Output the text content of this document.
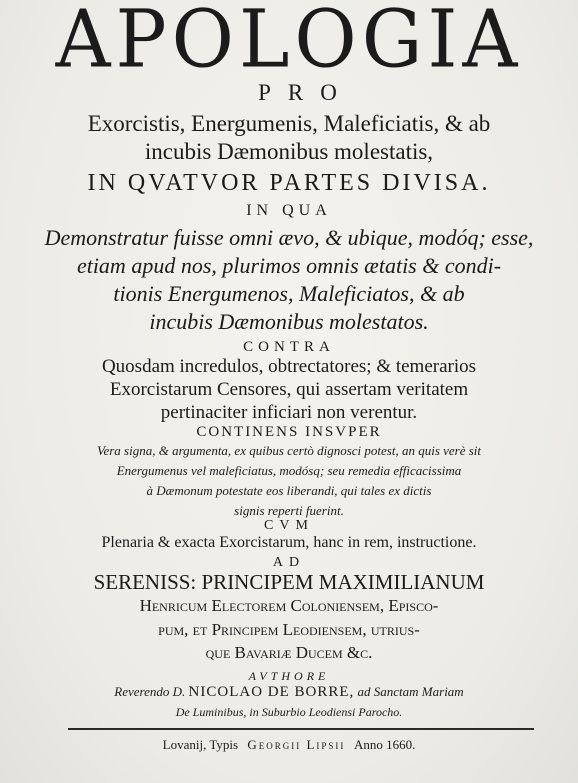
APOLOGIA
PRO
Exorcistis, Energumenis, Maleficiatis, & ab
incubis Dæmonibus molestatis,
IN QVATVOR PARTES DIVISA.
IN QUA
Demonstratur fuisse omni ævo, & ubique, modóq; esse,
etiam apud nos, plurimos omnis ætatis & condi-
tionis Energumenos, Maleficiatos, & ab
incubis Dæmonibus molestatos.
CONTRA
Quosdam incredulos, obtrectatores; & temerarios
Exorcistarum Censores, qui assertam veritatem
pertinaciter inficiari non verentur.
CONTINENS INSVPER
Vera signa, & argumenta, ex quibus certò dignosci potest, an quis verè sit
Energumenus vel maleficiatus, modósq; seu remedia efficacissima
à Dæmonum potestate eos liberandi, qui tales ex dictis
signis reperti fuerint.
CVM
Plenaria & exacta Exorcistarum, hanc in rem, instructione.
AD
SERENISS: PRINCIPEM MAXIMILIANUM
Henricum Electorem Coloniensem, Episco-
pum, et Principem Leodiensem, utrius-
que Bavariæ Ducem &c.
AVTHORE
Reverendo D. NICOLAO DE BORRE, ad Sanctam Mariam
De Luminibus, in Suburbio Leodiensi Parocho.
Lovanij, Typis Georgii Lipsii Anno 1660.
